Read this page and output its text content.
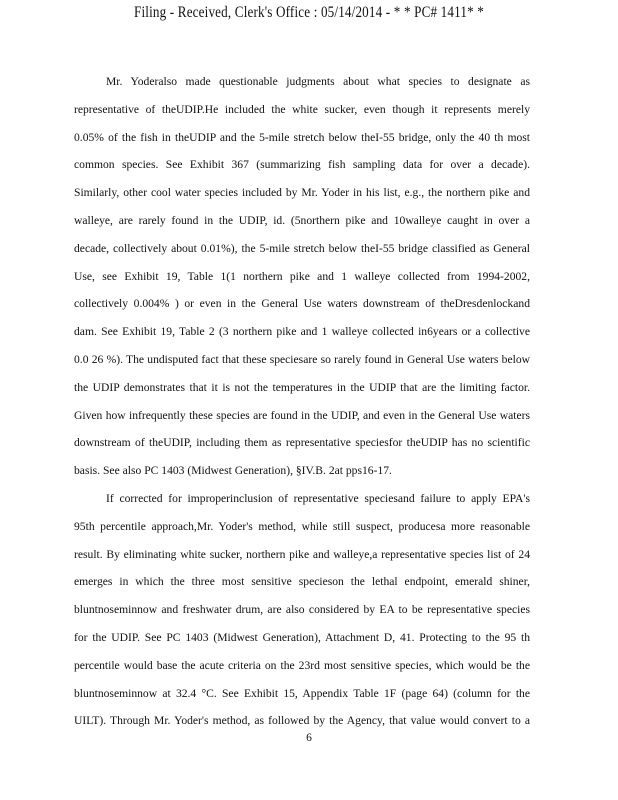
Filing - Received, Clerk's Office : 05/14/2014 - * * PC# 1411* *
Mr. Yoderalso made questionable judgments about what species to designate as
representative of theUDIP.He included the white sucker, even though it represents merely
0.05% of the fish in theUDIP and the 5-mile stretch below theI-55 bridge, only the 40 th most
common species. See Exhibit 367 (summarizing fish sampling data for over a decade).
Similarly, other cool water species included by Mr. Yoder in his list, e.g., the northern pike and
walleye, are rarely found in the UDIP, id. (5northern pike and 10walleye caught in over a
decade, collectively about 0.01%), the 5-mile stretch below theI-55 bridge classified as General
Use, see Exhibit 19, Table 1(1 northern pike and 1 walleye collected from 1994-2002,
collectively 0.004% ) or even in the General Use waters downstream of theDresdenlockand
dam. See Exhibit 19, Table 2 (3 northern pike and 1 walleye collected in6years or a collective
0.0 26 %). The undisputed fact that these speciesare so rarely found in General Use waters below
the UDIP demonstrates that it is not the temperatures in the UDIP that are the limiting factor.
Given how infrequently these species are found in the UDIP, and even in the General Use waters
downstream of theUDIP, including them as representative speciesfor theUDIP has no scientific
basis. See also PC 1403 (Midwest Generation), §IV.B. 2at pps16-17.
If corrected for improperinclusion of representative speciesand failure to apply EPA's
95th percentile approach,Mr. Yoder's method, while still suspect, producesa more reasonable
result. By eliminating white sucker, northern pike and walleye,a representative species list of 24
emerges in which the three most sensitive specieson the lethal endpoint, emerald shiner,
bluntnoseminnow and freshwater drum, are also considered by EA to be representative species
for the UDIP. See PC 1403 (Midwest Generation), Attachment D, 41. Protecting to the 95 th
percentile would base the acute criteria on the 23rd most sensitive species, which would be the
bluntnoseminnow at 32.4 °C. See Exhibit 15, Appendix Table 1F (page 64) (column for the
UILT). Through Mr. Yoder's method, as followed by the Agency, that value would convert to a
6
